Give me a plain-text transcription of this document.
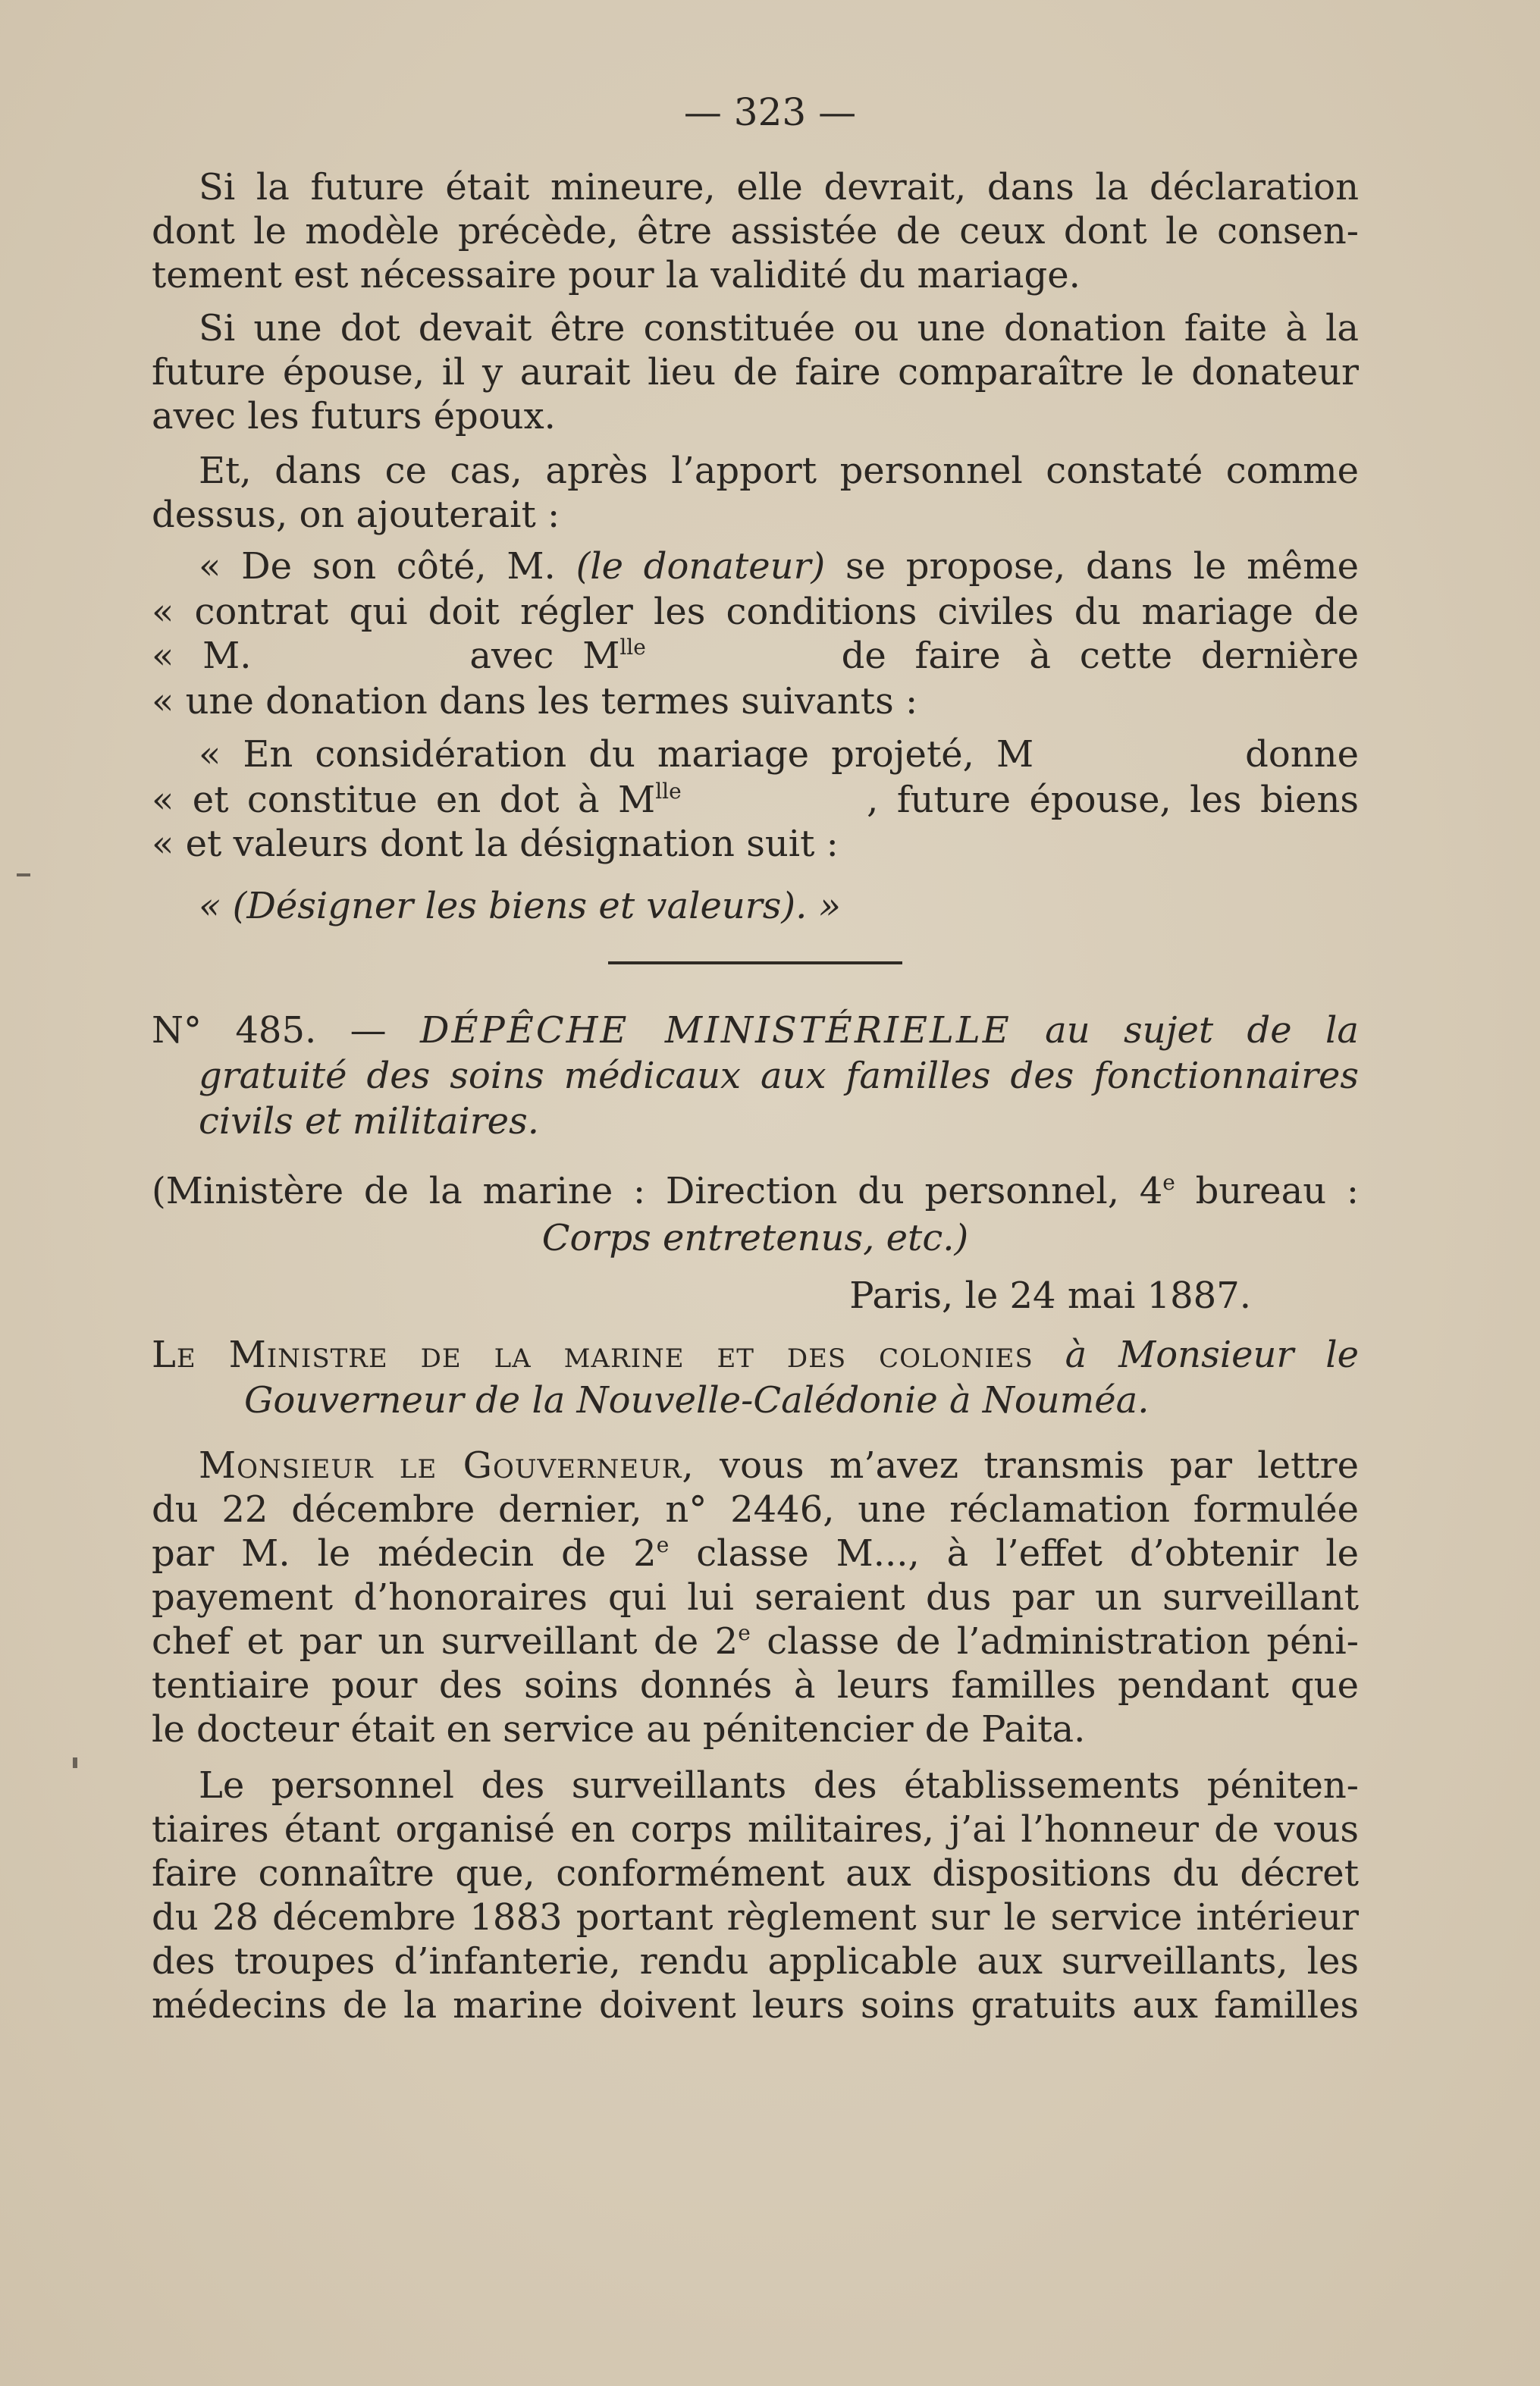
— 323 —
Si la future était mineure, elle devrait, dans la déclaration
dont le modèle précède, être assistée de ceux dont le consen-
tement est nécessaire pour la validité du mariage.
Si une dot devait être constituée ou une donation faite à la
future épouse, il y aurait lieu de faire comparaître le donateur
avec les futurs époux.
Et, dans ce cas, après l’apport personnel constaté comme
dessus, on ajouterait :
« De son côté, M. (le donateur) se propose, dans le même
« contrat qui doit régler les conditions civiles du mariage de
« M.	avec $M^{lle}$	de faire à cette dernière
« une donation dans les termes suivants :
« En considération du mariage projeté, M	donne
« et constitue en dot à $M^{lle}$	, future épouse, les biens
« et valeurs dont la désignation suit :
« (Désigner les biens et valeurs). »
N° 485. — DÉPÊCHE MINISTÉRIELLE au sujet de la
gratuité des soins médicaux aux familles des fonctionnaires
civils et militaires.
(Ministère de la marine : Direction du personnel, 4e bureau :
Corps entretenus, etc.)
Paris, le 24 mai 1887.
Le Ministre de la marine et des colonies à Monsieur le
Gouverneur de la Nouvelle-Calédonie à Nouméa.
Monsieur le Gouverneur, vous m’avez transmis par lettre
du 22 décembre dernier, n° 2446, une réclamation formulée
par M. le médecin de 2e classe M..., à l’effet d’obtenir le
payement d’honoraires qui lui seraient dus par un surveillant
chef et par un surveillant de 2e classe de l’administration péni-
tentiaire pour des soins donnés à leurs familles pendant que
le docteur était en service au pénitencier de Paita.
Le personnel des surveillants des établissements péniten-
tiaires étant organisé en corps militaires, j’ai l’honneur de vous
faire connaître que, conformément aux dispositions du décret
du 28 décembre 1883 portant règlement sur le service intérieur
des troupes d’infanterie, rendu applicable aux surveillants, les
médecins de la marine doivent leurs soins gratuits aux familles
